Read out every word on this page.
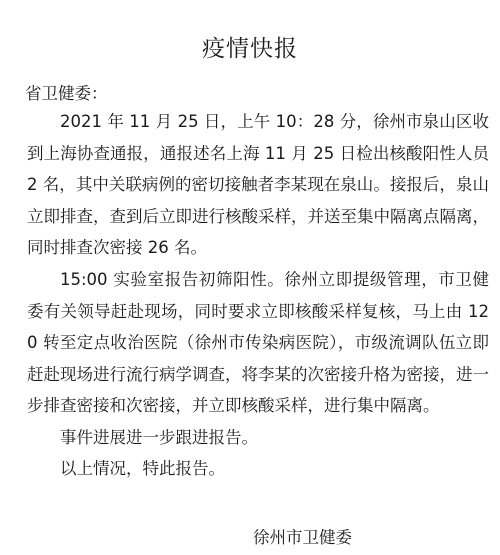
疫情快报
省卫健委：

2021 年 11 月 25 日，上午 10：28 分，徐州市泉山区收到上海协查通报，通报述名上海 11 月 25 日检出核酸阳性人员 2 名，其中关联病例的密切接触者李某现在泉山。接报后，泉山立即排查，查到后立即进行核酸采样，并送至集中隔离点隔离，同时排查次密接 26 名。

15:00 实验室报告初筛阳性。徐州立即提级管理，市卫健委有关领导赶赴现场，同时要求立即核酸采样复核，马上由 120 转至定点收治医院（徐州市传染病医院），市级流调队伍立即赶赴现场进行流行病学调查，将李某的次密接升格为密接，进一步排查密接和次密接，并立即核酸采样，进行集中隔离。

事件进展进一步跟进报告。

以上情况，特此报告。

徐州市卫健委
